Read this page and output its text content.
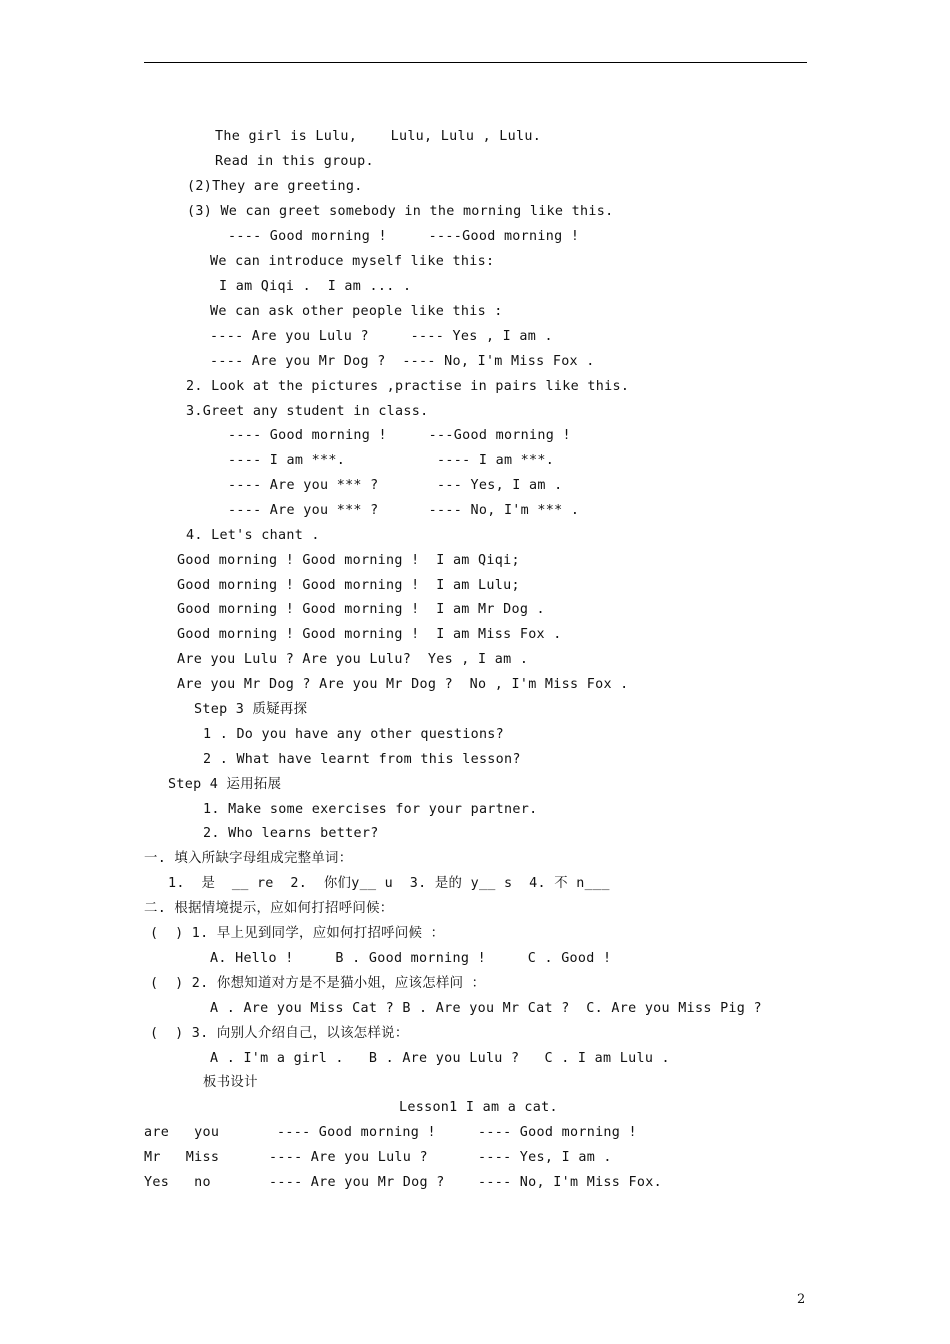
The girl is Lulu,    Lulu, Lulu , Lulu.
Read in this group.
(2)They are greeting.
(3) We can greet somebody in the morning like this.
---- Good morning !     ----Good morning !
We can introduce myself like this:
I am Qiqi .  I am ... .
We can ask other people like this :
---- Are you Lulu ?     ---- Yes , I am .
---- Are you Mr Dog ?  ---- No, I'm Miss Fox .
2. Look at the pictures ,practise in pairs like this.
3.Greet any student in class.
---- Good morning !     ---Good morning !
---- I am ***.           ---- I am ***.
---- Are you *** ?       --- Yes, I am .
---- Are you *** ?      ---- No, I'm *** .
4. Let's chant .
Good morning ! Good morning !  I am Qiqi;
Good morning ! Good morning !  I am Lulu;
Good morning ! Good morning !  I am Mr Dog .
Good morning ! Good morning !  I am Miss Fox .
Are you Lulu ? Are you Lulu?  Yes , I am .
Are you Mr Dog ? Are you Mr Dog ?  No , I'm Miss Fox .
Step 3 质疑再探
1 . Do you have any other questions?
2 . What have learnt from this lesson?
Step 4 运用拓展
1. Make some exercises for your partner.
2. Who learns better?
一. 填入所缺字母组成完整单词：
1.  是  __ re  2.  你们y__ u  3. 是的 y__ s  4. 不 n___
二. 根据情境提示，应如何打招呼问候：
(  ) 1. 早上见到同学，应如何打招呼问候 ：
A. Hello !     B . Good morning !     C . Good !
(  ) 2. 你想知道对方是不是猫小姐，应该怎样问 ：
A . Are you Miss Cat ? B . Are you Mr Cat ?  C. Are you Miss Pig ?
(  ) 3. 向别人介绍自己，以该怎样说：
A . I'm a girl .   B . Are you Lulu ?   C . I am Lulu .
板书设计
Lesson1 I am a cat.
are   you	---- Good morning !	---- Good morning !
Mr   Miss	---- Are you Lulu ?	---- Yes, I am .
Yes   no	---- Are you Mr Dog ? ---- No, I'm Miss Fox.
2
